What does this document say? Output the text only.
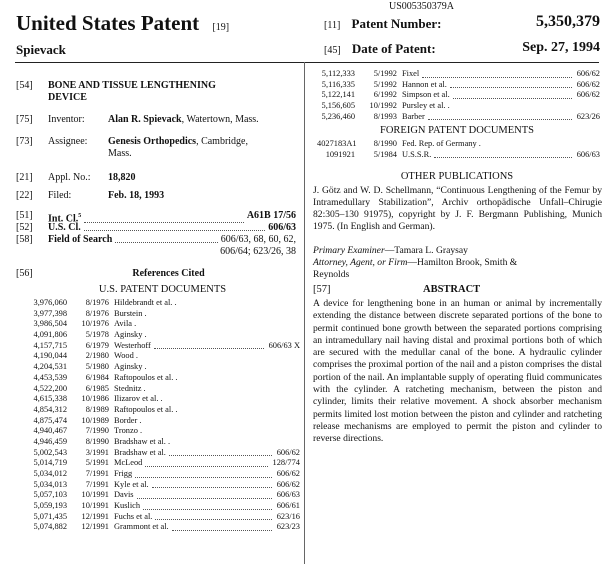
US005350379A
United States Patent [19]
Spievack
[11] Patent Number:	5,350,379
[45] Date of Patent:	Sep. 27, 1994
[54] BONE AND TISSUE LENGTHENING
DEVICE
[75] Inventor: Alan R. Spievack, Watertown, Mass.
[73] Assignee: Genesis Orthopedics, Cambridge,
Mass.
[21] Appl. No.: 18,820
[22] Filed:	Feb. 18, 1993
[51] Int. Cl.$^5$	A61B 17/56
[52] U.S. Cl.	606/63
[58] Field of Search	606/63, 68, 60, 62,
606/64; 623/26, 38
[56]	References Cited
U.S. PATENT DOCUMENTS
3,976,060	8/1976 Hildebrandt et al. .
3,977,398	8/1976 Burstein .
3,986,504	10/1976 Avila .
4,091,806	5/1978 Aginsky .
4,157,715	6/1979 Westerhoff	606/63 X
4,190,044	2/1980 Wood .
4,204,531	5/1980 Aginsky .
4,453,539	6/1984 Raftopoulos et al. .
4,522,200	6/1985 Stednitz .
4,615,338	10/1986 Ilizarov et al. .
4,854,312	8/1989 Raftopoulos et al. .
4,875,474	10/1989 Border .
4,940,467	7/1990 Tronzo .
4,946,459	8/1990 Bradshaw et al. .
5,002,543	3/1991 Bradshaw et al.	606/62
5,014,719	5/1991 McLeod	128/774
5,034,012	7/1991 Frigg	606/62
5,034,013	7/1991 Kyle et al.	606/62
5,057,103	10/1991 Davis	606/63
5,059,193	10/1991 Kuslich	606/61
5,071,435	12/1991 Fuchs et al.	623/16
5,074,882	12/1991 Grammont et al.	623/23
5,112,333	5/1992 Fixel	606/62
5,116,335	5/1992 Hannon et al.	606/62
5,122,141	6/1992 Simpson et al.	606/62
5,156,605	10/1992 Pursley et al. .
5,236,460	8/1993 Barber	623/26
FOREIGN PATENT DOCUMENTS
4027183A1	8/1990 Fed. Rep. of Germany .
1091921	5/1984 U.S.S.R.	606/63
OTHER PUBLICATIONS
J. Götz and W. D. Schellmann, “Continuous Lengthening of the Femur by Intramedullary Stabilization”, Archiv orthopädische Unfall–Chirugie 82:305–130 91975), copyright by J. F. Bergmann Publishing, Munich 1975. (In English and German).
Primary Examiner—Tamara L. Graysay
Attorney, Agent, or Firm—Hamilton Brook, Smith &
Reynolds
[57]	ABSTRACT
A device for lengthening bone in an human or animal by incrementally extending the distance between discrete separated portions of the bone to permit continued bone growth between the separated portions comprising an intramedullary nail having distal and proximal portions both of which are secured with the medullar canal of the bone. A hydraulic cylinder comprises the proximal portion of the nail and a piston comprises the distal portion of the nail. An implantable supply of operating fluid communicates with the cylinder. A ratcheting mechanism, between the piston and cylinder, limits their relative movement. A shock absorber mechanism permits limited lost motion between the piston and cylinder and ratcheting release mechanisms are employed to permit the piston and cylinder to reverse directions.
